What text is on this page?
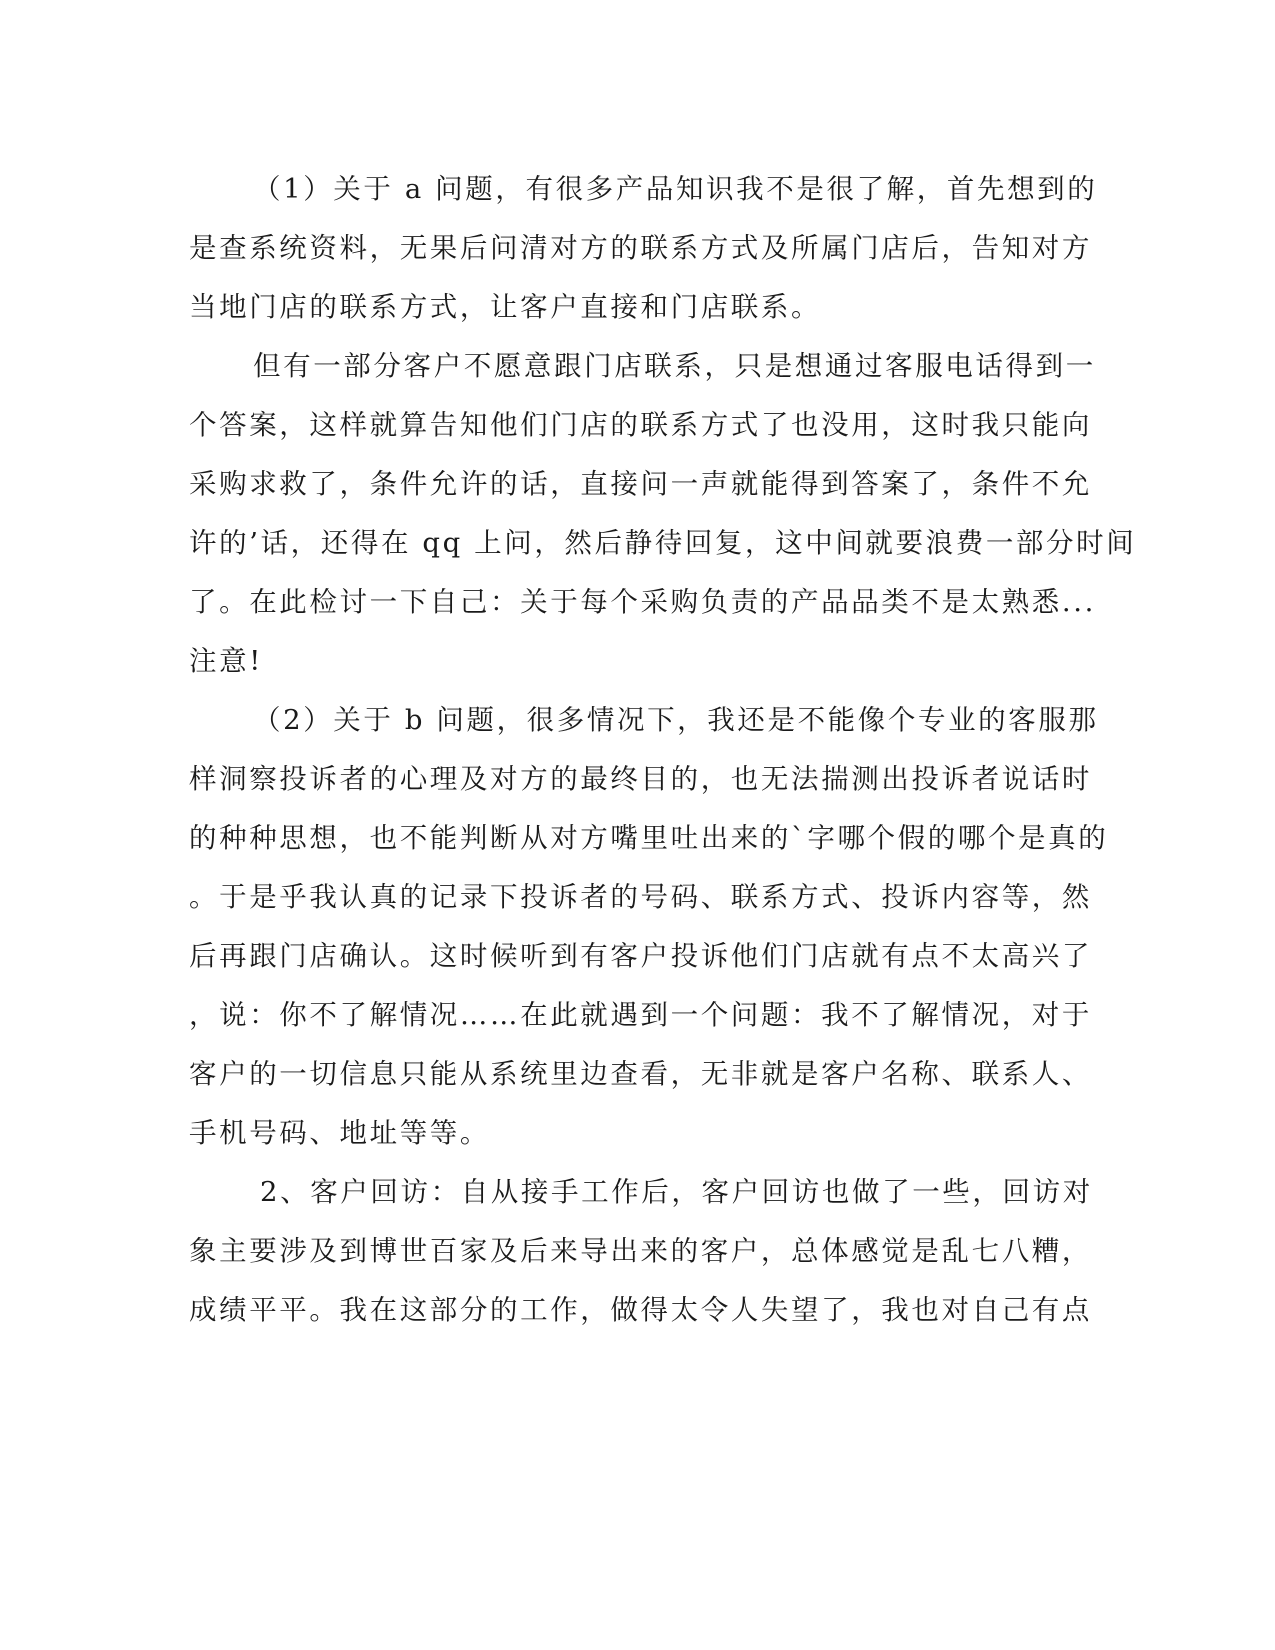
（1）关于 a 问题，有很多产品知识我不是很了解，首先想到的
是查系统资料，无果后问清对方的联系方式及所属门店后，告知对方
当地门店的联系方式，让客户直接和门店联系。
但有一部分客户不愿意跟门店联系，只是想通过客服电话得到一
个答案，这样就算告知他们门店的联系方式了也没用，这时我只能向
采购求救了，条件允许的话，直接问一声就能得到答案了，条件不允
许的’话，还得在 qq 上问，然后静待回复，这中间就要浪费一部分时间
了。在此检讨一下自己：关于每个采购负责的产品品类不是太熟悉...
注意!
（2）关于 b 问题，很多情况下，我还是不能像个专业的客服那
样洞察投诉者的心理及对方的最终目的，也无法揣测出投诉者说话时
的种种思想，也不能判断从对方嘴里吐出来的`字哪个假的哪个是真的
。于是乎我认真的记录下投诉者的号码、联系方式、投诉内容等，然
后再跟门店确认。这时候听到有客户投诉他们门店就有点不太高兴了
，说：你不了解情况……在此就遇到一个问题：我不了解情况，对于
客户的一切信息只能从系统里边查看，无非就是客户名称、联系人、
手机号码、地址等等。
2、客户回访：自从接手工作后，客户回访也做了一些，回访对
象主要涉及到博世百家及后来导出来的客户，总体感觉是乱七八糟，
成绩平平。我在这部分的工作，做得太令人失望了，我也对自己有点
